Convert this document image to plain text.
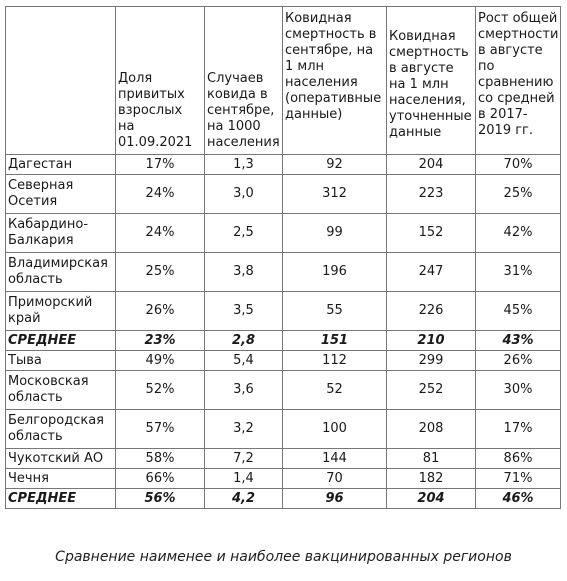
	Доля привитых взрослых на 01.09.2021	Случаев ковида в сентябре, на 1000 населения	Ковидная смертность в сентябре, на 1 млн населения (оперативные данные)	Ковидная смертность в августе на 1 млн населения, уточненные данные	Рост общей смертности в августе по сравнению со средней в 2017-2019 гг.
Дагестан	17%	1,3	92	204	70%
Северная Осетия	24%	3,0	312	223	25%
Кабардино-Балкария	24%	2,5	99	152	42%
Владимирская область	25%	3,8	196	247	31%
Приморский край	26%	3,5	55	226	45%
СРЕДНЕЕ	23%	2,8	151	210	43%
Тыва	49%	5,4	112	299	26%
Московская область	52%	3,6	52	252	30%
Белгородская область	57%	3,2	100	208	17%
Чукотский АО	58%	7,2	144	81	86%
Чечня	66%	1,4	70	182	71%
СРЕДНЕЕ	56%	4,2	96	204	46%
Сравнение наименее и наиболее вакцинированных регионов
